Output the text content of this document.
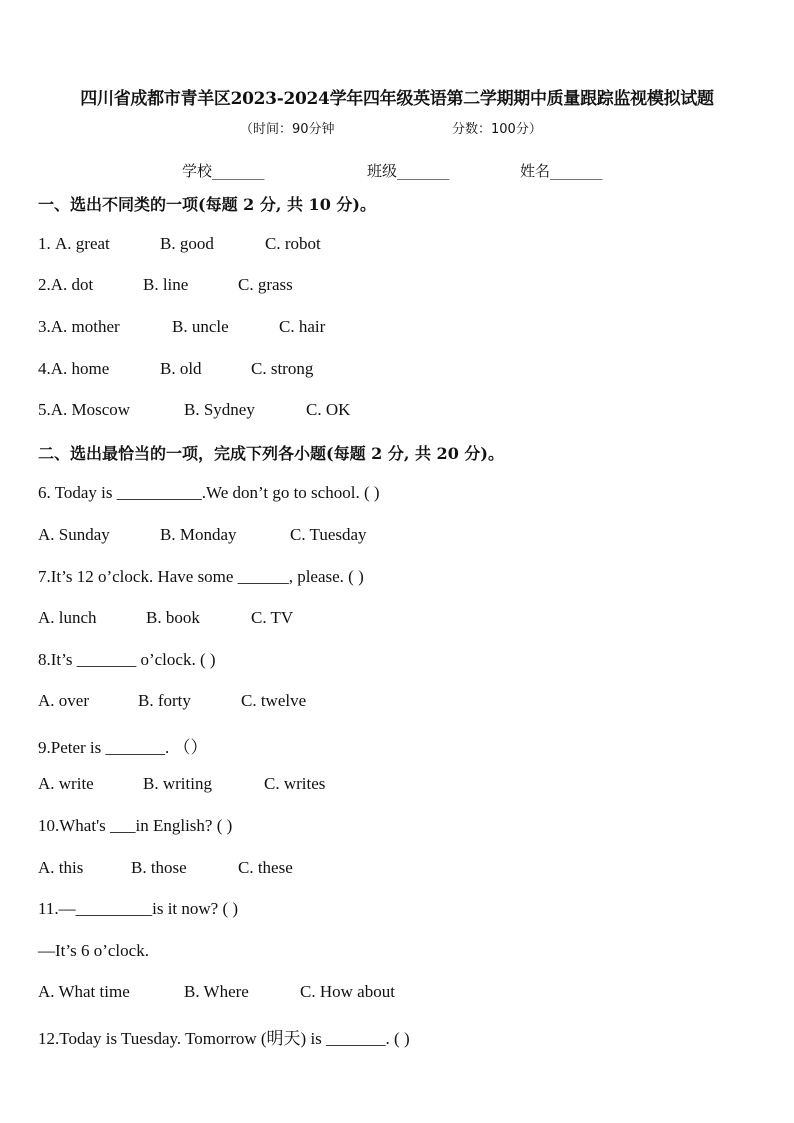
四川省成都市青羊区2023-2024学年四年级英语第二学期期中质量跟踪监视模拟试题
（时间：90分钟	分数：100分）
学校_______	班级_______	姓名_______
一、选出不同类的一项(每题 2 分, 共 10 分)。
1. A. great	B. good	C. robot
2.A. dot	B. line	C. grass
3.A. mother	B. uncle	C. hair
4.A. home	B. old	C. strong
5.A. Moscow	B. Sydney	C. OK
二、选出最恰当的一项，完成下列各小题(每题 2 分, 共 20 分)。
6. Today is __________.We don’t go to school. ( )
A. Sunday	B. Monday	C. Tuesday
7.It’s 12 o’clock. Have some ______, please. ( )
A. lunch	B. book	C. TV
8.It’s _______ o’clock. ( )
A. over	B. forty	C. twelve
9.Peter is _______. （）
A. write	B. writing	C. writes
10.What's ___in English? ( )
A. this	B. those	C. these
11.—_________is it now? ( )
—It’s 6 o’clock.
A. What time	B. Where	C. How about
12.Today is Tuesday. Tomorrow (明天) is _______. ( )
